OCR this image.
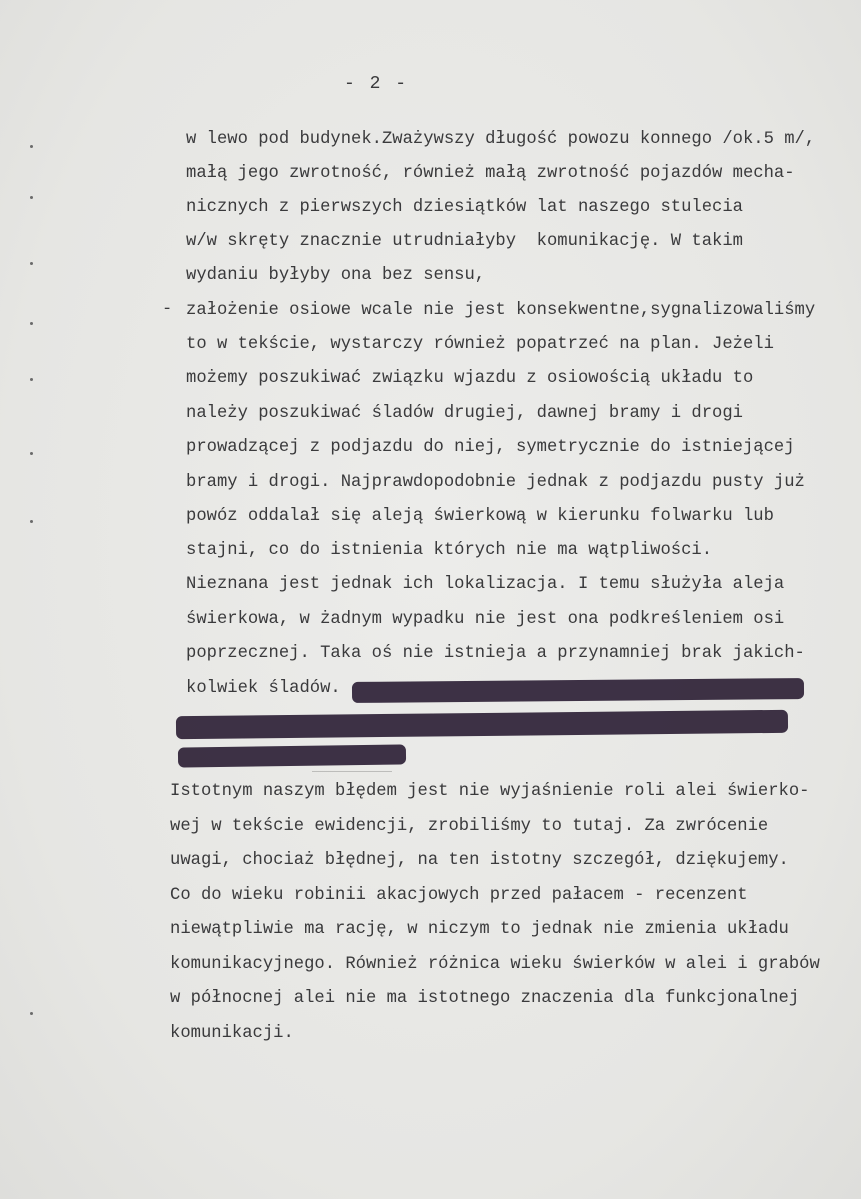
- 2 -
-
w lewo pod budynek.Zważywszy długość powozu konnego /ok.5 m/,
małą jego zwrotność, również małą zwrotność pojazdów mecha-
nicznych z pierwszych dziesiątków lat naszego stulecia
w/w skręty znacznie utrudniałyby  komunikację. W takim
wydaniu byłyby ona bez sensu,
założenie osiowe wcale nie jest konsekwentne,sygnalizowaliśmy
to w tekście, wystarczy również popatrzeć na plan. Jeżeli
możemy poszukiwać związku wjazdu z osiowością układu to
należy poszukiwać śladów drugiej, dawnej bramy i drogi
prowadzącej z podjazdu do niej, symetrycznie do istniejącej
bramy i drogi. Najprawdopodobnie jednak z podjazdu pusty już
powóz oddalał się aleją świerkową w kierunku folwarku lub
stajni, co do istnienia których nie ma wątpliwości.
Nieznana jest jednak ich lokalizacja. I temu służyła aleja
świerkowa, w żadnym wypadku nie jest ona podkreśleniem osi
poprzecznej. Taka oś nie istnieja a przynamniej brak jakich-
kolwiek śladów.
Istotnym naszym błędem jest nie wyjaśnienie roli alei świerko-
wej w tekście ewidencji, zrobiliśmy to tutaj. Za zwrócenie
uwagi, chociaż błędnej, na ten istotny szczegół, dziękujemy.
Co do wieku robinii akacjowych przed pałacem - recenzent
niewątpliwie ma rację, w niczym to jednak nie zmienia układu
komunikacyjnego. Również różnica wieku świerków w alei i grabów
w północnej alei nie ma istotnego znaczenia dla funkcjonalnej
komunikacji.
